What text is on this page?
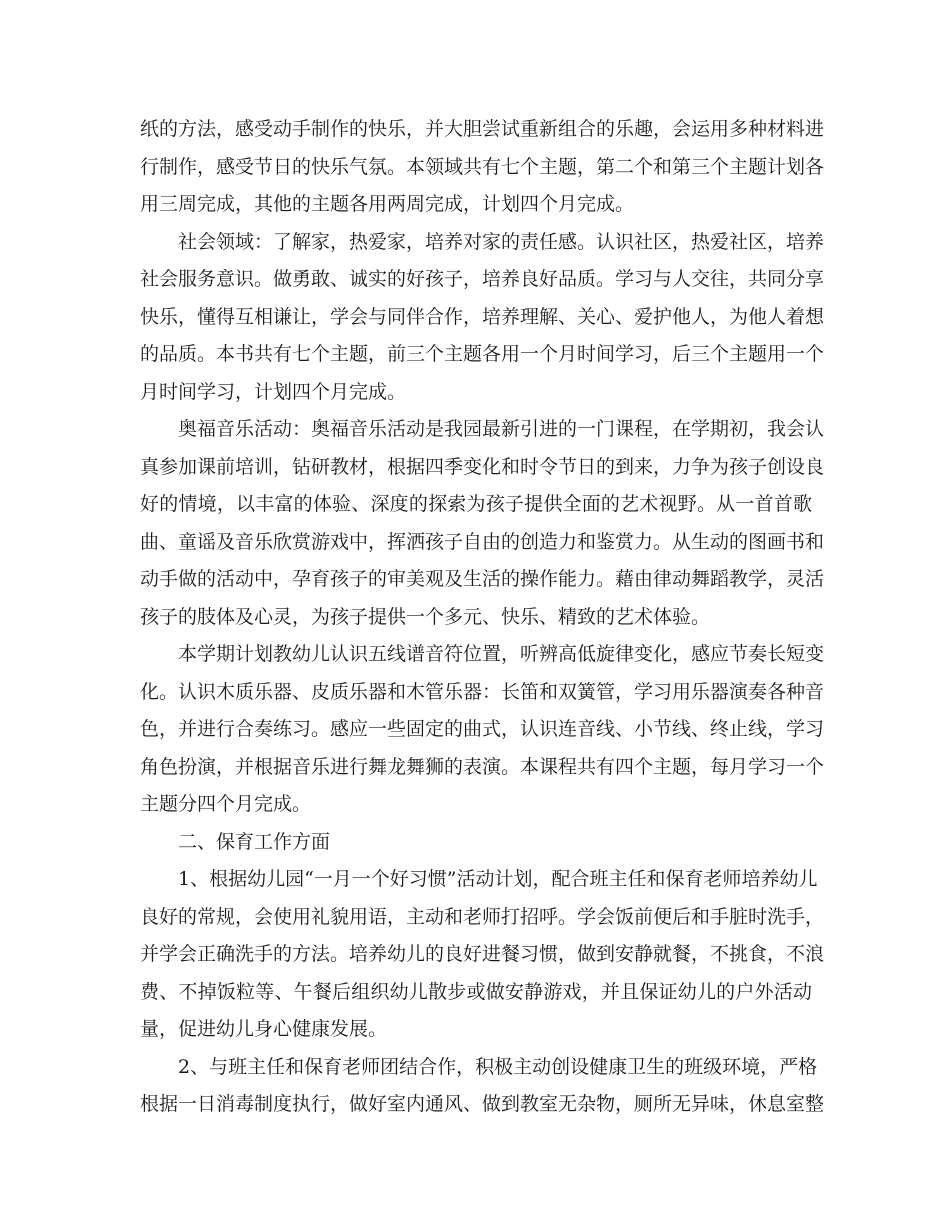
纸的方法，感受动手制作的快乐，并大胆尝试重新组合的乐趣，会运用多种材料进
行制作，感受节日的快乐气氛。本领域共有七个主题，第二个和第三个主题计划各
用三周完成，其他的主题各用两周完成，计划四个月完成。
社会领域：了解家，热爱家，培养对家的责任感。认识社区，热爱社区，培养
社会服务意识。做勇敢、诚实的好孩子，培养良好品质。学习与人交往，共同分享
快乐，懂得互相谦让，学会与同伴合作，培养理解、关心、爱护他人，为他人着想
的品质。本书共有七个主题，前三个主题各用一个月时间学习，后三个主题用一个
月时间学习，计划四个月完成。
奥福音乐活动：奥福音乐活动是我园最新引进的一门课程，在学期初，我会认
真参加课前培训，钻研教材，根据四季变化和时令节日的到来，力争为孩子创设良
好的情境，以丰富的体验、深度的探索为孩子提供全面的艺术视野。从一首首歌
曲、童谣及音乐欣赏游戏中，挥洒孩子自由的创造力和鉴赏力。从生动的图画书和
动手做的活动中，孕育孩子的审美观及生活的操作能力。藉由律动舞蹈教学，灵活
孩子的肢体及心灵，为孩子提供一个多元、快乐、精致的艺术体验。
本学期计划教幼儿认识五线谱音符位置，听辨高低旋律变化，感应节奏长短变
化。认识木质乐器、皮质乐器和木管乐器：长笛和双簧管，学习用乐器演奏各种音
色，并进行合奏练习。感应一些固定的曲式，认识连音线、小节线、终止线，学习
角色扮演，并根据音乐进行舞龙舞狮的表演。本课程共有四个主题，每月学习一个
主题分四个月完成。
二、保育工作方面
1、根据幼儿园“一月一个好习惯”活动计划，配合班主任和保育老师培养幼儿
良好的常规，会使用礼貌用语，主动和老师打招呼。学会饭前便后和手脏时洗手，
并学会正确洗手的方法。培养幼儿的良好进餐习惯，做到安静就餐，不挑食，不浪
费、不掉饭粒等、午餐后组织幼儿散步或做安静游戏，并且保证幼儿的户外活动
量，促进幼儿身心健康发展。
2、与班主任和保育老师团结合作，积极主动创设健康卫生的班级环境，严格
根据一日消毒制度执行，做好室内通风、做到教室无杂物，厕所无异味，休息室整
